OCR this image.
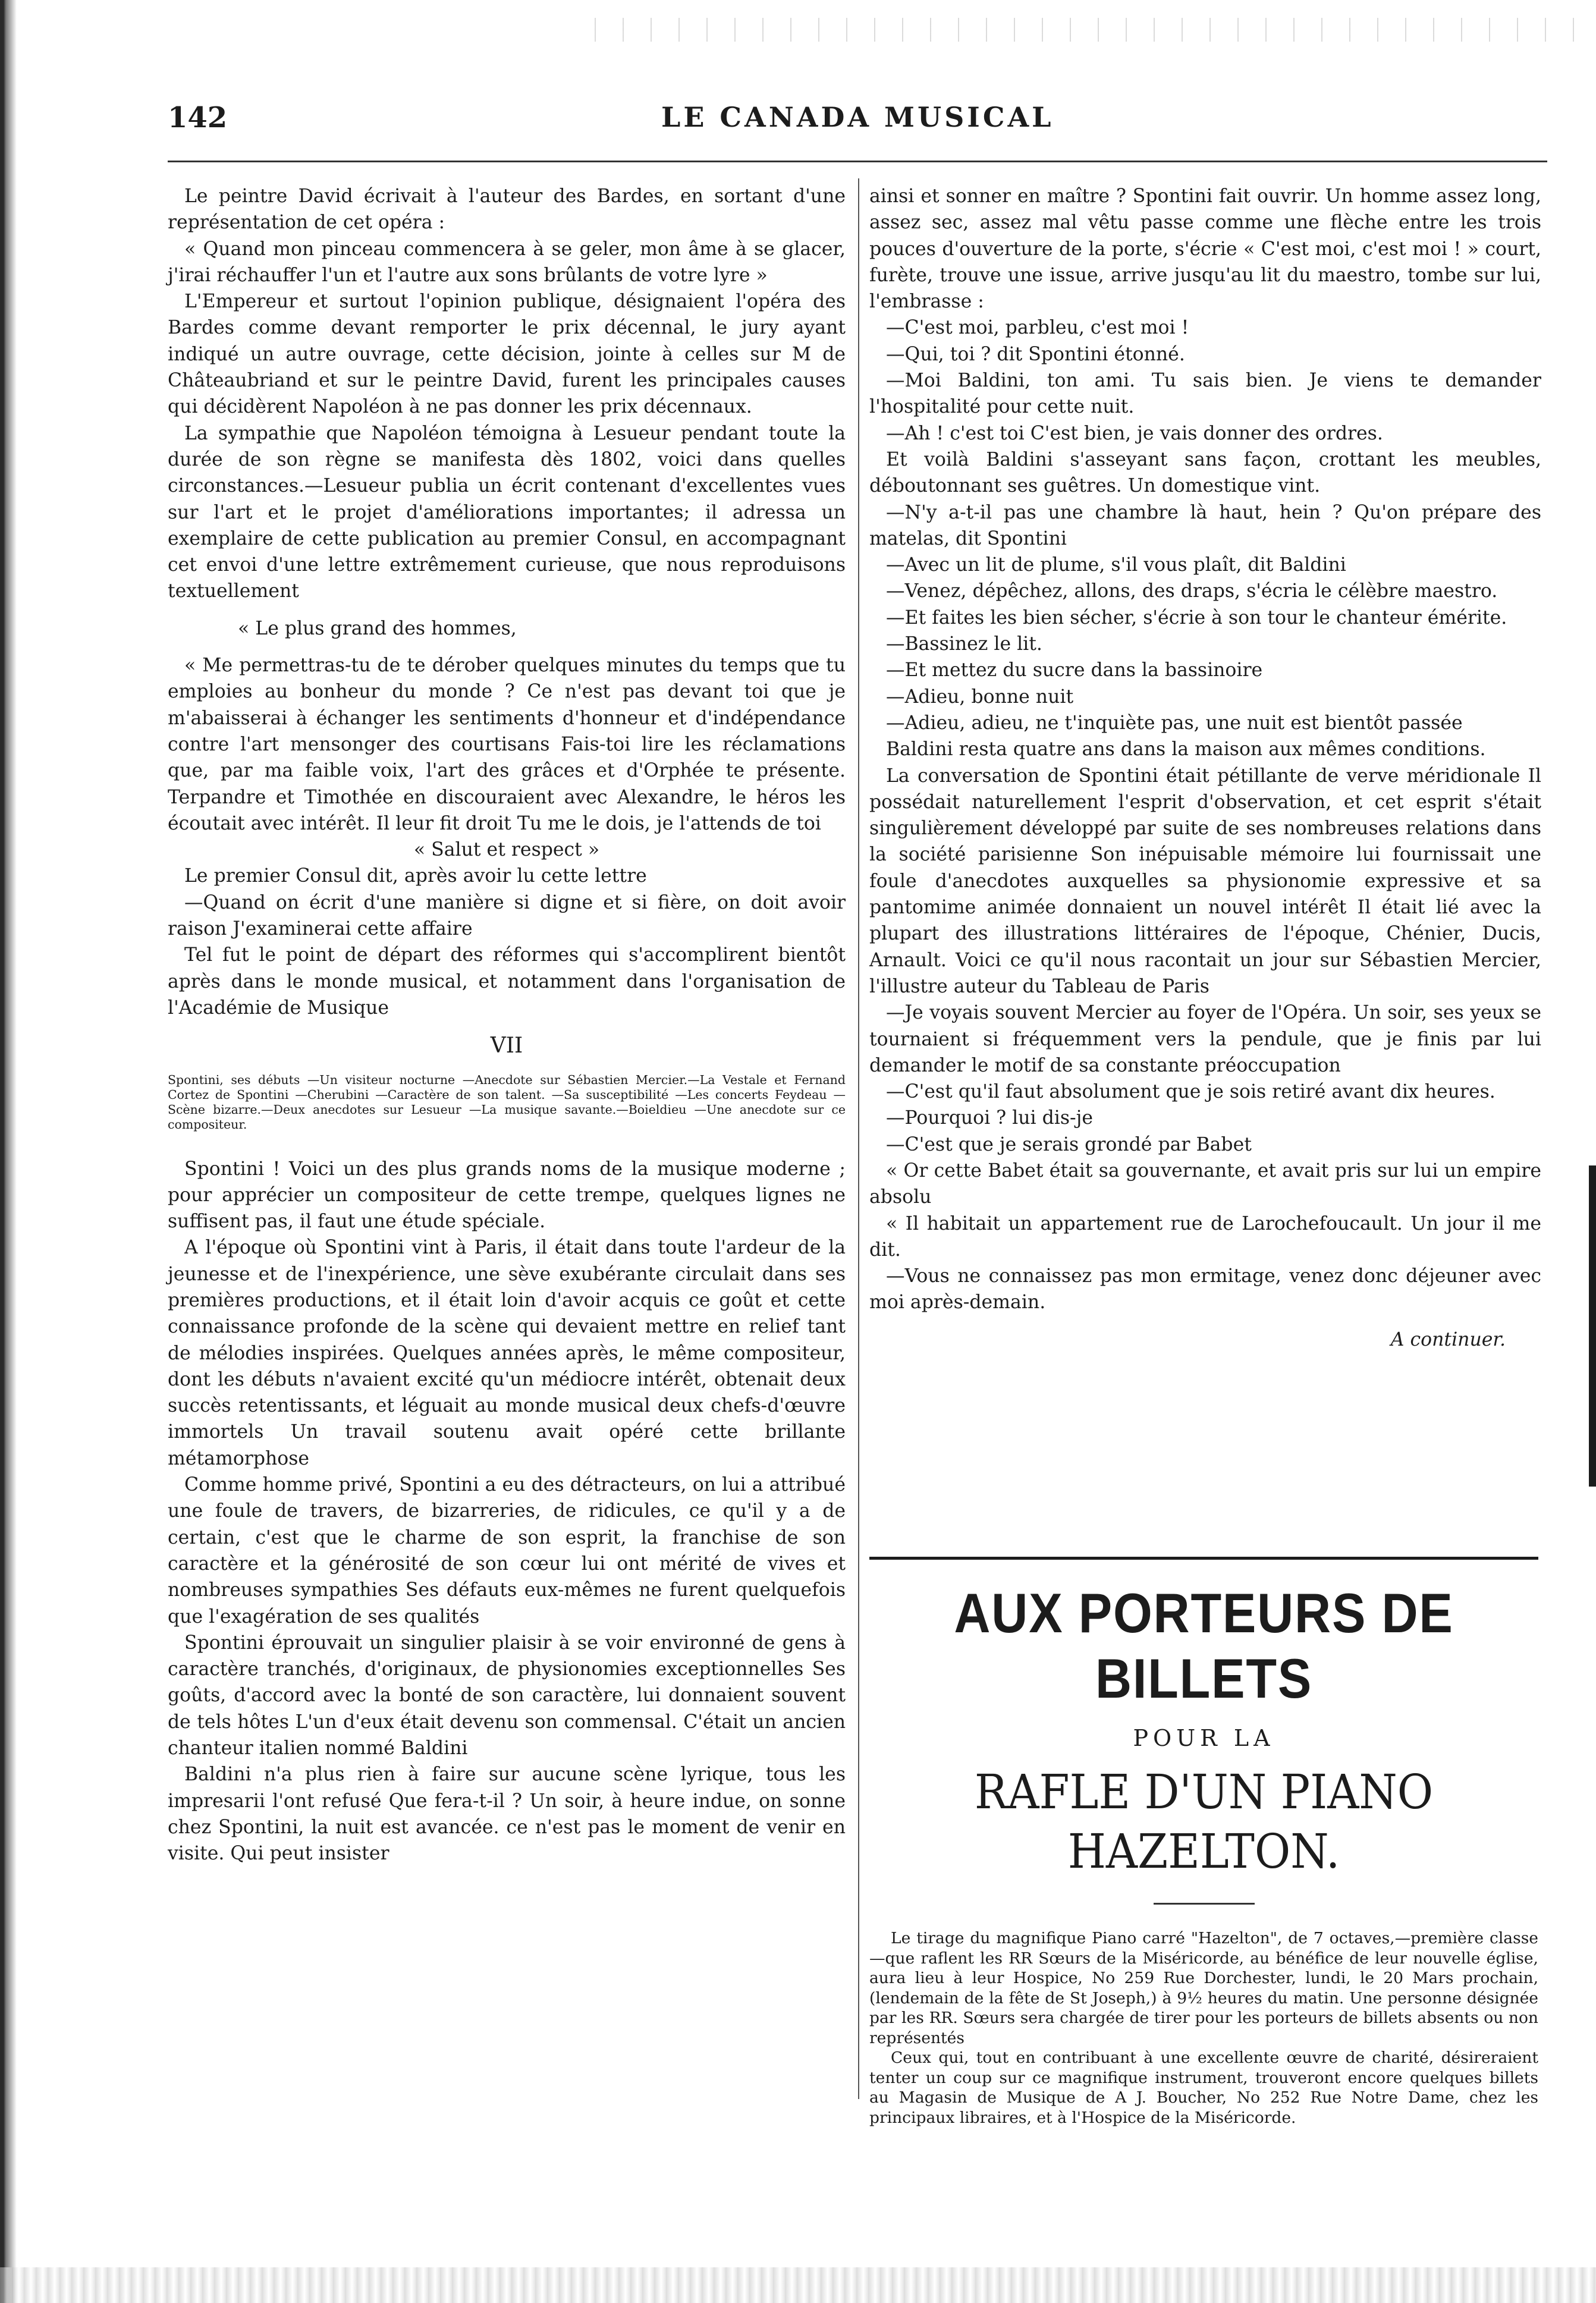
142	LE CANADA MUSICAL

Le peintre David écrivait à l'auteur des Bardes, en sortant d'une représentation de cet opéra :

« Quand mon pinceau commencera à se geler, mon âme à se glacer, j'irai réchauffer l'un et l'autre aux sons brûlants de votre lyre »

L'Empereur et surtout l'opinion publique, désignaient l'opéra des Bardes comme devant remporter le prix décennal, le jury ayant indiqué un autre ouvrage, cette décision, jointe à celles sur M de Châteaubriand et sur le peintre David, furent les principales causes qui décidèrent Napoléon à ne pas donner les prix décennaux.

La sympathie que Napoléon témoigna à Lesueur pendant toute la durée de son règne se manifesta dès 1802, voici dans quelles circonstances.—Lesueur publia un écrit contenant d'excellentes vues sur l'art et le projet d'améliorations importantes; il adressa un exemplaire de cette publication au premier Consul, en accompagnant cet envoi d'une lettre extrêmement curieuse, que nous reproduisons textuellement

« Le plus grand des hommes,

« Me permettras-tu de te dérober quelques minutes du temps que tu emploies au bonheur du monde ? Ce n'est pas devant toi que je m'abaisserai à échanger les sentiments d'honneur et d'indépendance contre l'art mensonger des courtisans Fais-toi lire les réclamations que, par ma faible voix, l'art des grâces et d'Orphée te présente. Terpandre et Timothée en discouraient avec Alexandre, le héros les écoutait avec intérêt. Il leur fit droit Tu me le dois, je l'attends de toi

« Salut et respect »

Le premier Consul dit, après avoir lu cette lettre

—Quand on écrit d'une manière si digne et si fière, on doit avoir raison J'examinerai cette affaire

Tel fut le point de départ des réformes qui s'accomplirent bientôt après dans le monde musical, et notamment dans l'organisation de l'Académie de Musique

VII

Spontini, ses débuts —Un visiteur nocturne —Anecdote sur Sébastien Mercier.—La Vestale et Fernand Cortez de Spontini —Cherubini —Caractère de son talent. —Sa susceptibilité —Les concerts Feydeau —Scène bizarre.—Deux anecdotes sur Lesueur —La musique savante.—Boieldieu —Une anecdote sur ce compositeur.

Spontini ! Voici un des plus grands noms de la musique moderne ; pour apprécier un compositeur de cette trempe, quelques lignes ne suffisent pas, il faut une étude spéciale.

A l'époque où Spontini vint à Paris, il était dans toute l'ardeur de la jeunesse et de l'inexpérience, une sève exubérante circulait dans ses premières productions, et il était loin d'avoir acquis ce goût et cette connaissance profonde de la scène qui devaient mettre en relief tant de mélodies inspirées. Quelques années après, le même compositeur, dont les débuts n'avaient excité qu'un médiocre intérêt, obtenait deux succès retentissants, et léguait au monde musical deux chefs-d'œuvre immortels Un travail soutenu avait opéré cette brillante métamorphose

Comme homme privé, Spontini a eu des détracteurs, on lui a attribué une foule de travers, de bizarreries, de ridicules, ce qu'il y a de certain, c'est que le charme de son esprit, la franchise de son caractère et la générosité de son cœur lui ont mérité de vives et nombreuses sympathies Ses défauts eux-mêmes ne furent quelquefois que l'exagération de ses qualités

Spontini éprouvait un singulier plaisir à se voir environné de gens à caractère tranchés, d'originaux, de physionomies exceptionnelles Ses goûts, d'accord avec la bonté de son caractère, lui donnaient souvent de tels hôtes L'un d'eux était devenu son commensal. C'était un ancien chanteur italien nommé Baldini

Baldini n'a plus rien à faire sur aucune scène lyrique, tous les impresarii l'ont refusé Que fera-t-il ? Un soir, à heure indue, on sonne chez Spontini, la nuit est avancée. ce n'est pas le moment de venir en visite. Qui peut insister

ainsi et sonner en maître ? Spontini fait ouvrir. Un homme assez long, assez sec, assez mal vêtu passe comme une flèche entre les trois pouces d'ouverture de la porte, s'écrie « C'est moi, c'est moi ! » court, furète, trouve une issue, arrive jusqu'au lit du maestro, tombe sur lui, l'embrasse :

—C'est moi, parbleu, c'est moi !

—Qui, toi ? dit Spontini étonné.

—Moi Baldini, ton ami. Tu sais bien. Je viens te demander l'hospitalité pour cette nuit.

—Ah ! c'est toi C'est bien, je vais donner des ordres.

Et voilà Baldini s'asseyant sans façon, crottant les meubles, déboutonnant ses guêtres. Un domestique vint.

—N'y a-t-il pas une chambre là haut, hein ? Qu'on prépare des matelas, dit Spontini

—Avec un lit de plume, s'il vous plaît, dit Baldini

—Venez, dépêchez, allons, des draps, s'écria le célèbre maestro.

—Et faites les bien sécher, s'écrie à son tour le chanteur émérite.

—Bassinez le lit.

—Et mettez du sucre dans la bassinoire

—Adieu, bonne nuit

—Adieu, adieu, ne t'inquiète pas, une nuit est bientôt passée

Baldini resta quatre ans dans la maison aux mêmes conditions.

La conversation de Spontini était pétillante de verve méridionale Il possédait naturellement l'esprit d'observation, et cet esprit s'était singulièrement développé par suite de ses nombreuses relations dans la société parisienne Son inépuisable mémoire lui fournissait une foule d'anecdotes auxquelles sa physionomie expressive et sa pantomime animée donnaient un nouvel intérêt Il était lié avec la plupart des illustrations littéraires de l'époque, Chénier, Ducis, Arnault. Voici ce qu'il nous racontait un jour sur Sébastien Mercier, l'illustre auteur du Tableau de Paris

—Je voyais souvent Mercier au foyer de l'Opéra. Un soir, ses yeux se tournaient si fréquemment vers la pendule, que je finis par lui demander le motif de sa constante préoccupation

—C'est qu'il faut absolument que je sois retiré avant dix heures.

—Pourquoi ? lui dis-je

—C'est que je serais grondé par Babet

« Or cette Babet était sa gouvernante, et avait pris sur lui un empire absolu

« Il habitait un appartement rue de Larochefoucault. Un jour il me dit.

—Vous ne connaissez pas mon ermitage, venez donc déjeuner avec moi après-demain.

A continuer.

AUX PORTEURS DE BILLETS
POUR LA
RAFLE D'UN PIANO HAZELTON.

Le tirage du magnifique Piano carré "Hazelton", de 7 octaves,—première classe—que raflent les RR Sœurs de la Miséricorde, au bénéfice de leur nouvelle église, aura lieu à leur Hospice, No 259 Rue Dorchester, lundi, le 20 Mars prochain, (lendemain de la fête de St Joseph,) à 9½ heures du matin. Une personne désignée par les RR. Sœurs sera chargée de tirer pour les porteurs de billets absents ou non représentés

Ceux qui, tout en contribuant à une excellente œuvre de charité, désireraient tenter un coup sur ce magnifique instrument, trouveront encore quelques billets au Magasin de Musique de A J. Boucher, No 252 Rue Notre Dame, chez les principaux libraires, et à l'Hospice de la Miséricorde.
